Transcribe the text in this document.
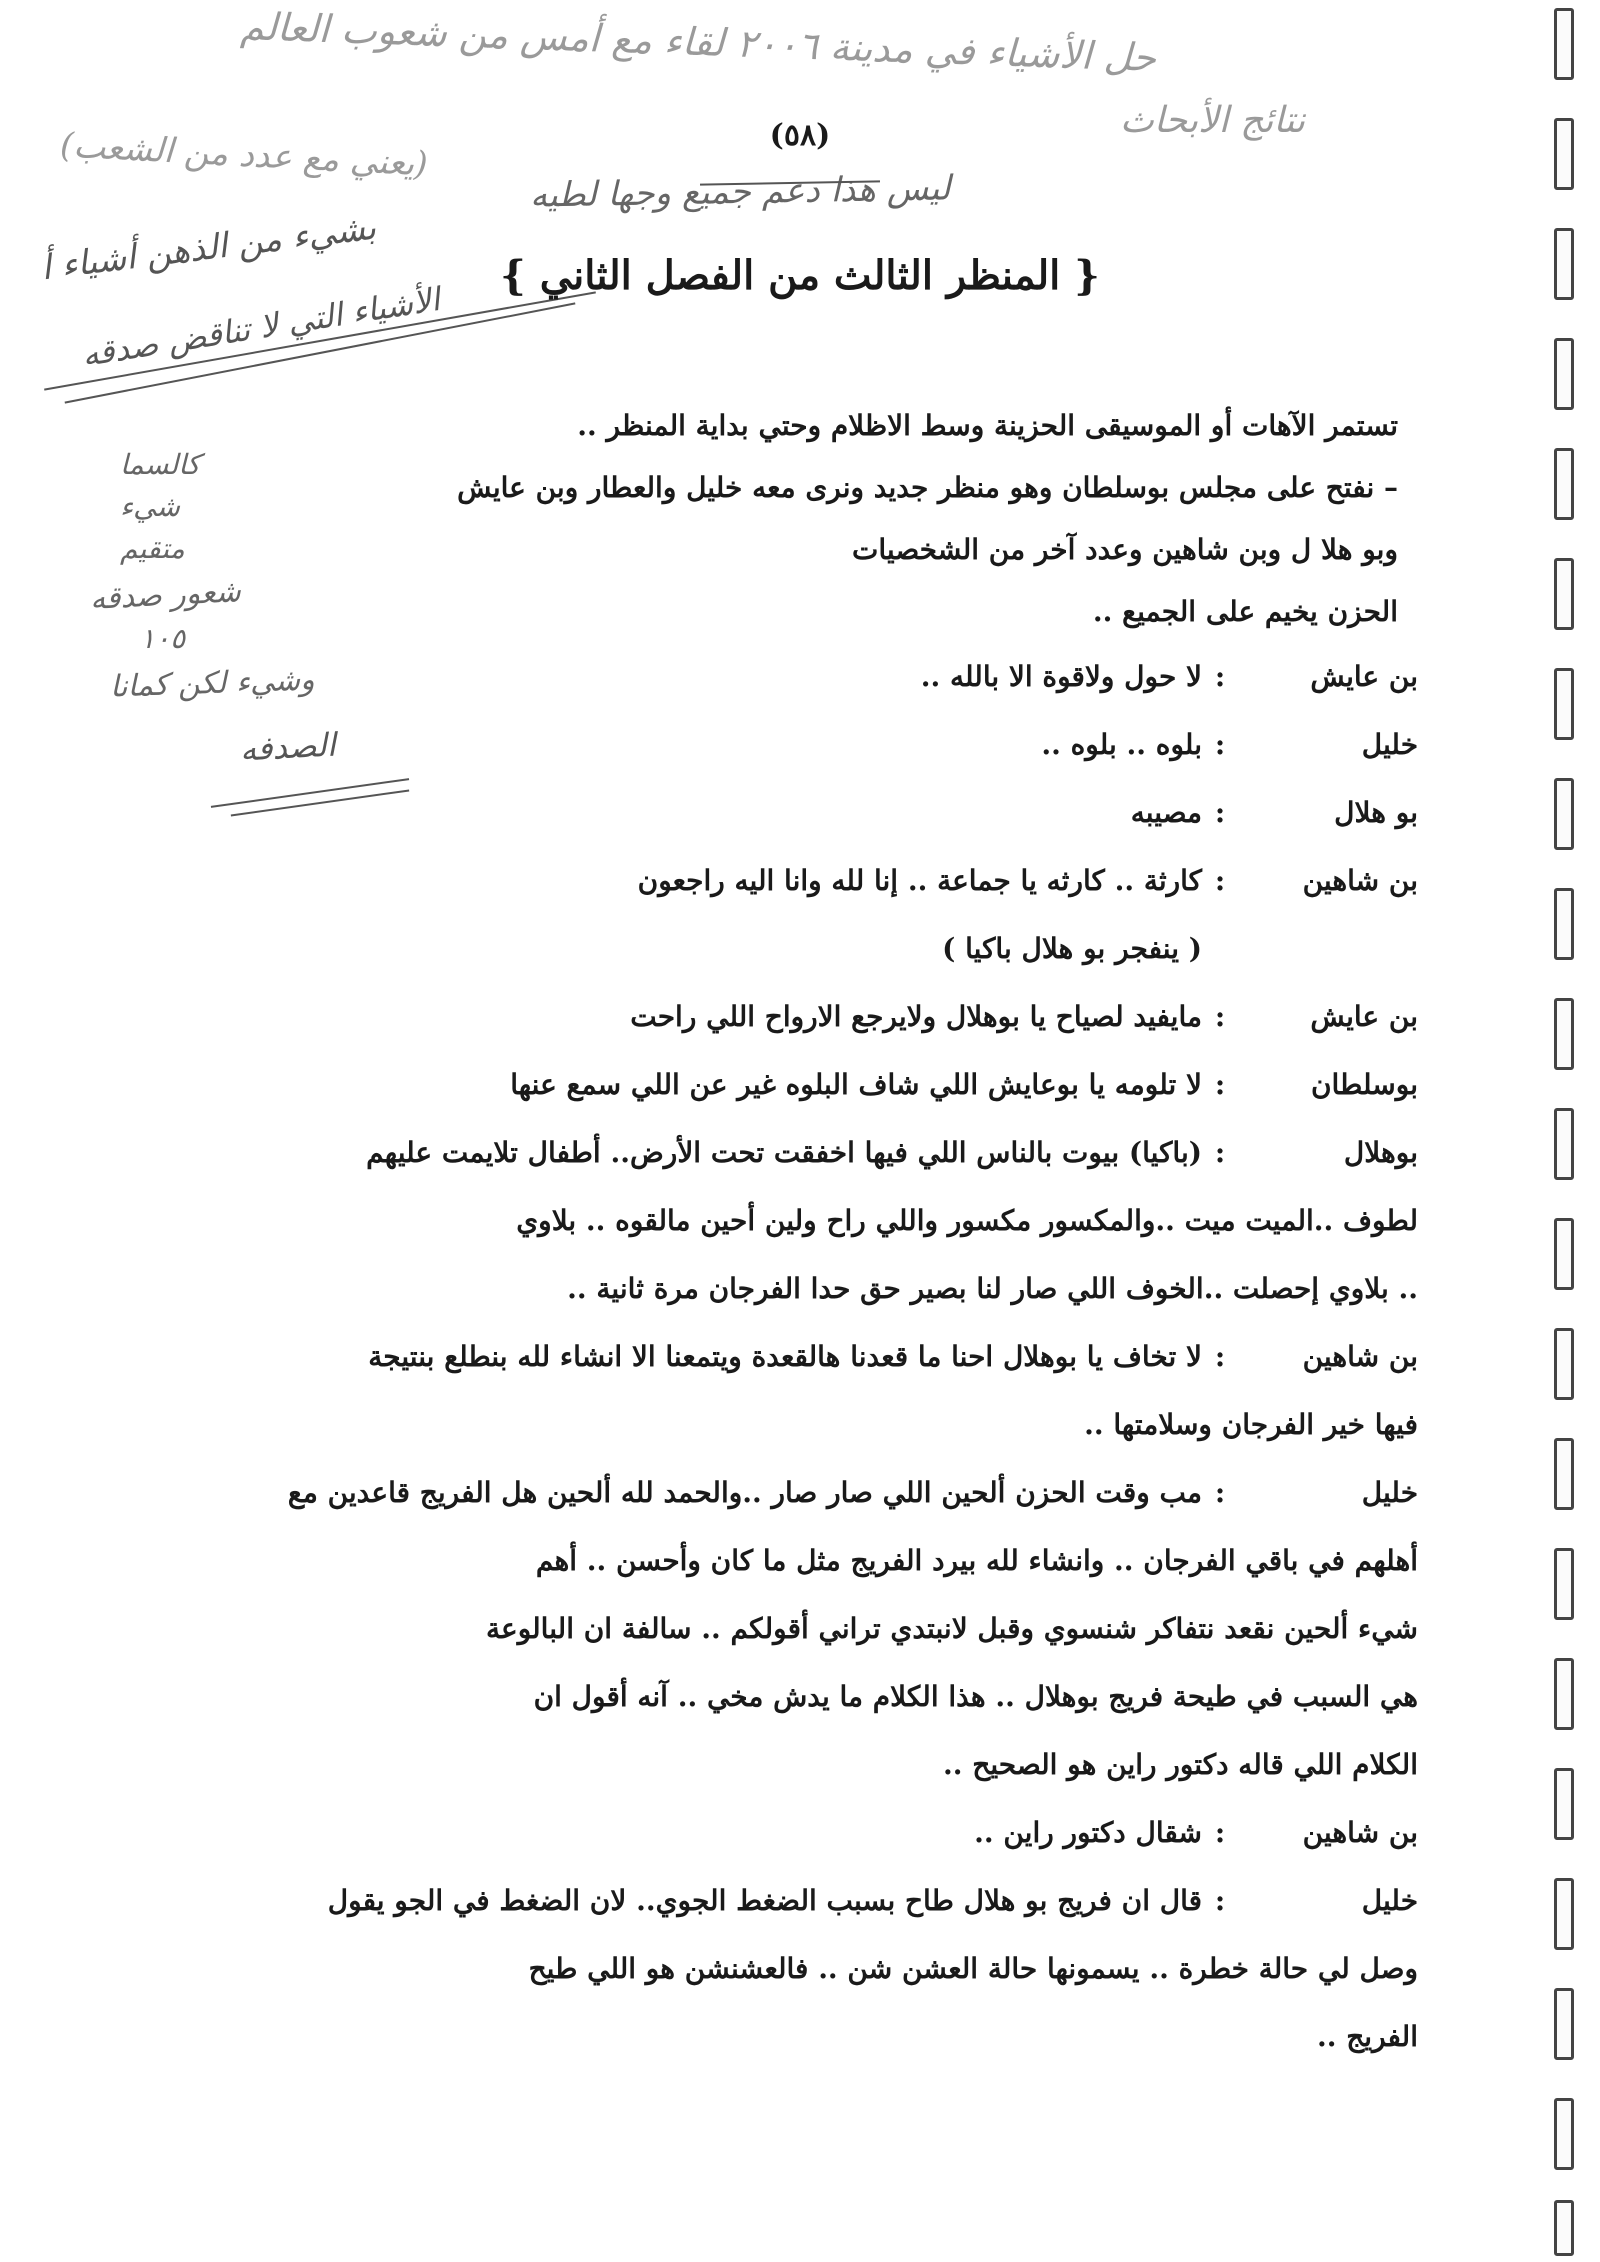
حل الأشياء في مدينة ٢٠٠٦ لقاء مع أمس من شعوب العالم
نتائج الأبحاث
(يعني مع عدد من الشعب)
ليس هذا دعم جميع وجها لطيه
بشيء من الذهن أشياء أ
الأشياء التي لا تناقض صدقه
كالسما
شيء
متقيم
شعور صدقه
١٠٥
وشيء لكن كمانا
الصدفه
(٥٨)
{ المنظر الثالث من الفصل الثاني }
تستمر الآهات أو الموسيقى الحزينة وسط الاظلام وحتي بداية المنظر ..
– نفتح على مجلس بوسلطان وهو منظر جديد ونرى معه خليل والعطار وبن عايش
وبو هلا ل وبن شاهين وعدد آخر من الشخصيات
الحزن يخيم على الجميع ..
بن عايش
:
لا حول ولاقوة الا بالله ..
خليل
:
بلوه .. بلوه ..
بو هلال
:
مصيبه
بن شاهين
:
كارثة .. كارثه يا جماعة .. إنا لله وانا اليه راجعون
( ينفجر بو هلال باكيا )
بن عايش
:
مايفيد لصياح يا بوهلال ولايرجع الارواح اللي راحت
بوسلطان
:
لا تلومه يا بوعايش اللي شاف البلوه غير عن اللي سمع عنها
بوهلال
:
(باكيا) بيوت بالناس اللي فيها اخفقت تحت الأرض.. أطفال تلايمت عليهم
لطوف ..الميت ميت ..والمكسور مكسور واللي راح ولين أحين مالقوه .. بلاوي
.. بلاوي إحصلت ..الخوف اللي صار لنا بصير حق حدا الفرجان مرة ثانية ..
بن شاهين
:
لا تخاف يا بوهلال احنا ما قعدنا هالقعدة ويتمعنا الا انشاء لله بنطلع بنتيجة
فيها خير الفرجان وسلامتها ..
خليل
:
مب وقت الحزن ألحين اللي صار صار ..والحمد لله ألحين هل الفريج قاعدين مع
أهلهم في باقي الفرجان .. وانشاء لله بيرد الفريج مثل ما كان وأحسن .. أهم
شيء ألحين نقعد نتفاكر شنسوي وقبل لانبتدي تراني أقولكم .. سالفة ان البالوعة
هي السبب في طيحة فريج بوهلال .. هذا الكلام ما يدش مخي .. آنه أقول ان
الكلام اللي قاله دكتور راين هو الصحيح ..
بن شاهين
:
شقال دكتور راين ..
خليل
:
قال ان فريج بو هلال طاح بسبب الضغط الجوي.. لان الضغط في الجو يقول
وصل لي حالة خطرة .. يسمونها حالة العشن شن .. فالعشنشن هو اللي طيح
الفريج ..
